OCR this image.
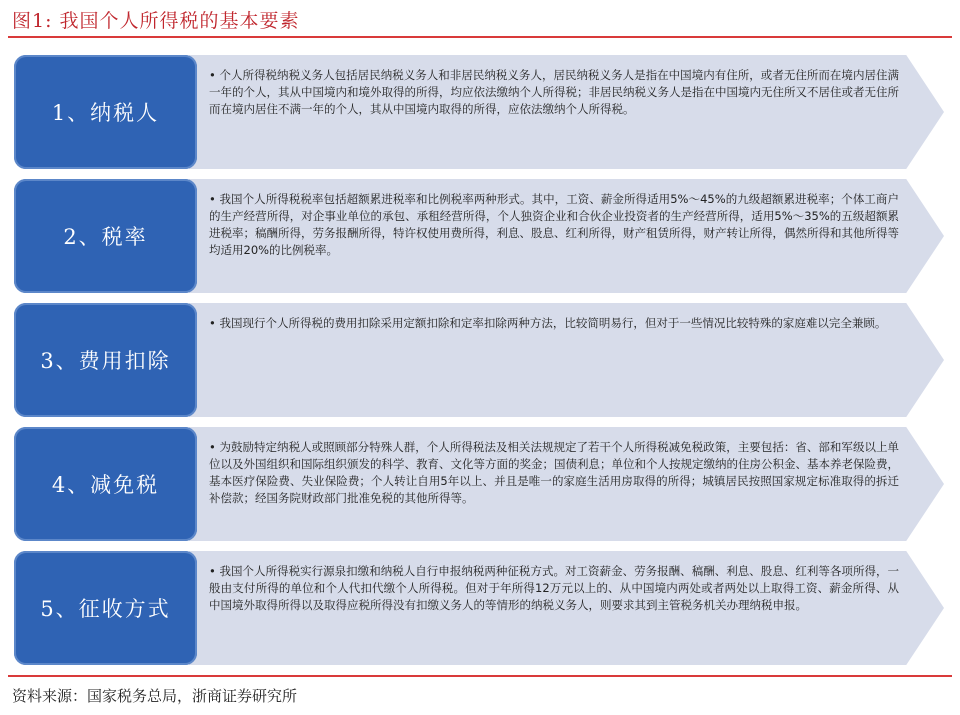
图1: 我国个人所得税的基本要素
• 个人所得税纳税义务人包括居民纳税义务人和非居民纳税义务人，居民纳税义务人是指在中国境内有住所，或者无住所而在境内居住满一年的个人，其从中国境内和境外取得的所得，均应依法缴纳个人所得税；非居民纳税义务人是指在中国境内无住所又不居住或者无住所而在境内居住不满一年的个人，其从中国境内取得的所得，应依法缴纳个人所得税。
1、纳税人
• 我国个人所得税税率包括超额累进税率和比例税率两种形式。其中，工资、薪金所得适用5%～45%的九级超额累进税率；个体工商户的生产经营所得，对企事业单位的承包、承租经营所得，个人独资企业和合伙企业投资者的生产经营所得，适用5%～35%的五级超额累进税率；稿酬所得，劳务报酬所得，特许权使用费所得，利息、股息、红利所得，财产租赁所得，财产转让所得，偶然所得和其他所得等均适用20%的比例税率。
2、税率
• 我国现行个人所得税的费用扣除采用定额扣除和定率扣除两种方法，比较简明易行，但对于一些情况比较特殊的家庭难以完全兼顾。
3、费用扣除
• 为鼓励特定纳税人或照顾部分特殊人群，个人所得税法及相关法规规定了若干个人所得税减免税政策，主要包括：省、部和军级以上单位以及外国组织和国际组织颁发的科学、教育、文化等方面的奖金；国债利息；单位和个人按规定缴纳的住房公积金、基本养老保险费，基本医疗保险费、失业保险费；个人转让自用5年以上、并且是唯一的家庭生活用房取得的所得；城镇居民按照国家规定标准取得的拆迁补偿款；经国务院财政部门批准免税的其他所得等。
4、减免税
• 我国个人所得税实行源泉扣缴和纳税人自行申报纳税两种征税方式。对工资薪金、劳务报酬、稿酬、利息、股息、红利等各项所得，一般由支付所得的单位和个人代扣代缴个人所得税。但对于年所得12万元以上的、从中国境内两处或者两处以上取得工资、薪金所得、从中国境外取得所得以及取得应税所得没有扣缴义务人的等情形的纳税义务人，则要求其到主管税务机关办理纳税申报。
5、征收方式
资料来源：国家税务总局，浙商证券研究所
